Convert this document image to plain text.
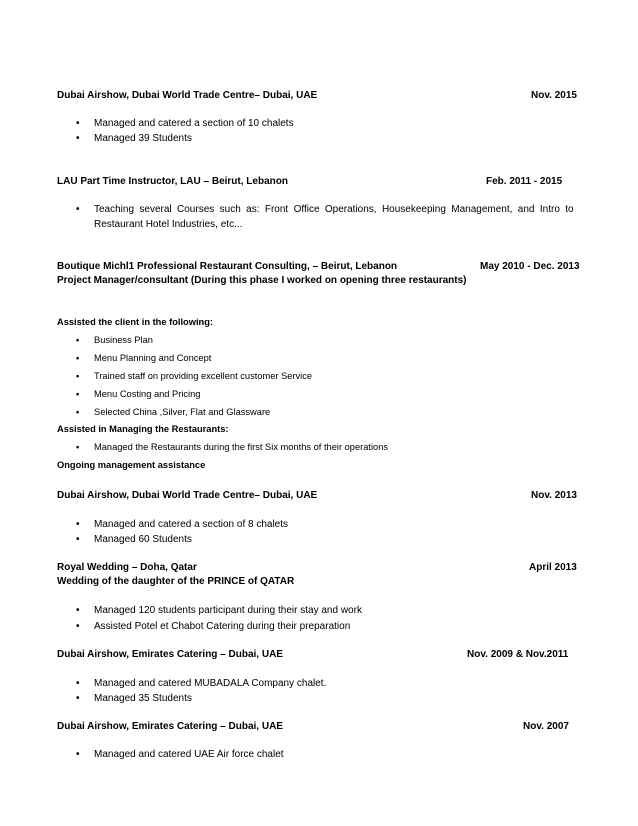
Dubai Airshow, Dubai World Trade Centre– Dubai, UAE	Nov. 2015
• Managed and catered a section of 10 chalets
• Managed 39 Students
LAU Part Time Instructor, LAU – Beirut, Lebanon	Feb. 2011 - 2015
• Teaching several Courses such as: Front Office Operations, Housekeeping Management, and Intro to
Restaurant Hotel Industries, etc...
Boutique Michl1 Professional Restaurant Consulting, – Beirut, Lebanon	May 2010 - Dec. 2013
Project Manager/consultant (During this phase I worked on opening three restaurants)
Assisted the client in the following:
• Business Plan
• Menu Planning and Concept
• Trained staff on providing excellent customer Service
• Menu Costing and Pricing
• Selected China ,Silver, Flat and Glassware
Assisted in Managing the Restaurants:
• Managed the Restaurants during the first Six months of their operations
Ongoing management assistance
Dubai Airshow, Dubai World Trade Centre– Dubai, UAE	Nov. 2013
• Managed and catered a section of 8 chalets
• Managed 60 Students
Royal Wedding – Doha, Qatar	April 2013
Wedding of the daughter of the PRINCE of QATAR
• Managed 120 students participant during their stay and work
• Assisted Potel et Chabot Catering during their preparation
Dubai Airshow, Emirates Catering – Dubai, UAE	Nov. 2009 & Nov.2011
• Managed and catered MUBADALA Company chalet.
• Managed 35 Students
Dubai Airshow, Emirates Catering – Dubai, UAE	Nov. 2007
• Managed and catered UAE Air force chalet
